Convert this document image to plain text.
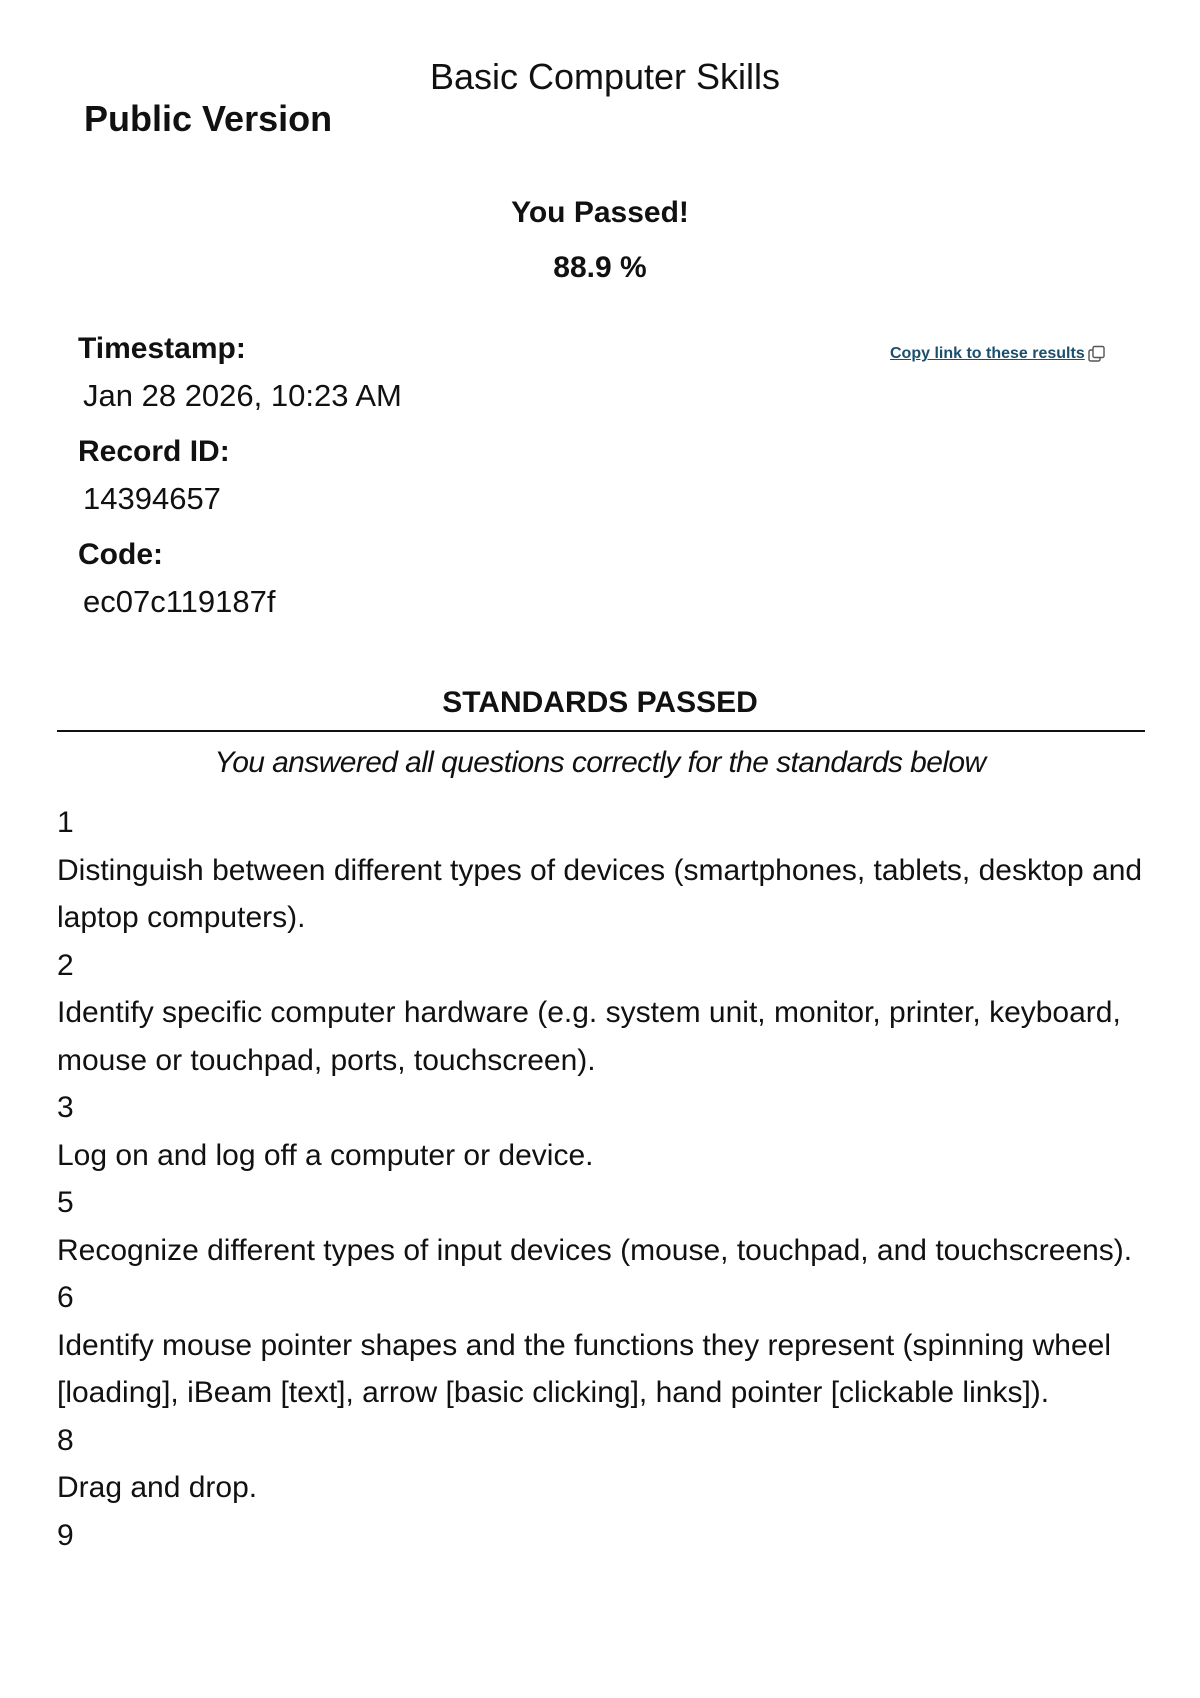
Basic Computer Skills
Public Version
You Passed!
88.9 %
Copy link to these results
Timestamp:
Jan 28 2026, 10:23 AM
Record ID:
14394657
Code:
ec07c119187f
STANDARDS PASSED
You answered all questions correctly for the standards below
1
Distinguish between different types of devices (smartphones, tablets, desktop and laptop computers).
2
Identify specific computer hardware (e.g. system unit, monitor, printer, keyboard, mouse or touchpad, ports, touchscreen).
3
Log on and log off a computer or device.
5
Recognize different types of input devices (mouse, touchpad, and touchscreens).
6
Identify mouse pointer shapes and the functions they represent (spinning wheel [loading], iBeam [text], arrow [basic clicking], hand pointer [clickable links]).
8
Drag and drop.
9
